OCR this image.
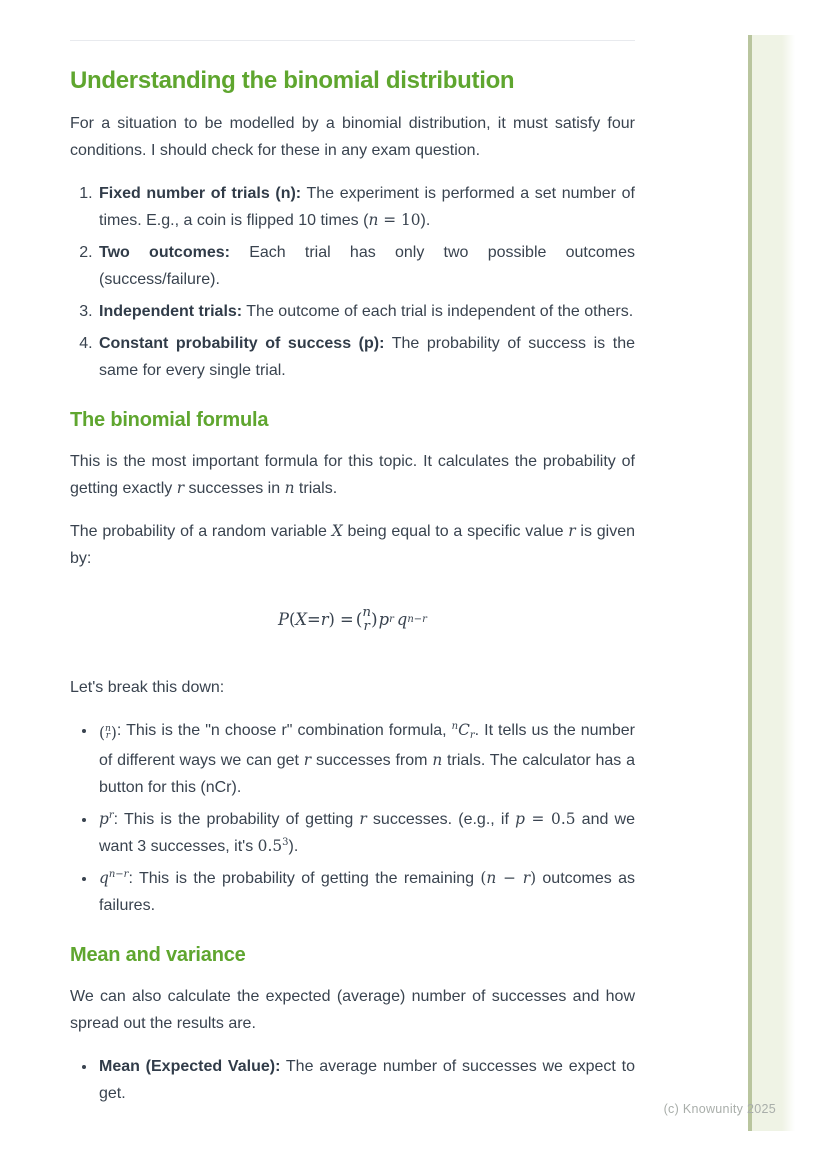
(c) Knowunity 2025
Understanding the binomial distribution

For a situation to be modelled by a binomial distribution, it must satisfy four conditions. I should check for these in any exam question.

1. Fixed number of trials (n): The experiment is performed a set number of times. E.g., a coin is flipped 10 times (n = 10).
2. Two outcomes: Each trial has only two possible outcomes (success/failure).
3. Independent trials: The outcome of each trial is independent of the others.
4. Constant probability of success (p): The probability of success is the same for every single trial.
The binomial formula

This is the most important formula for this topic. It calculates the probability of getting exactly r successes in n trials.

The probability of a random variable X being equal to a specific value r is given by:

P ( X = r ) = ( n
r ) p r q n−r

Let's break this down:

• ( n
r ) : This is the "n choose r" combination formula, $^nC_r$. It tells us the number of different ways we can get r successes from n trials. The calculator has a button for this (nCr).
• $p^r$: This is the probability of getting r successes. (e.g., if p = 0.5 and we want 3 successes, it's $0.5^3$).
• $q^{n-r}$: This is the probability of getting the remaining (n − r) outcomes as failures.
Mean and variance

We can also calculate the expected (average) number of successes and how spread out the results are.

• Mean (Expected Value): The average number of successes we expect to get.
